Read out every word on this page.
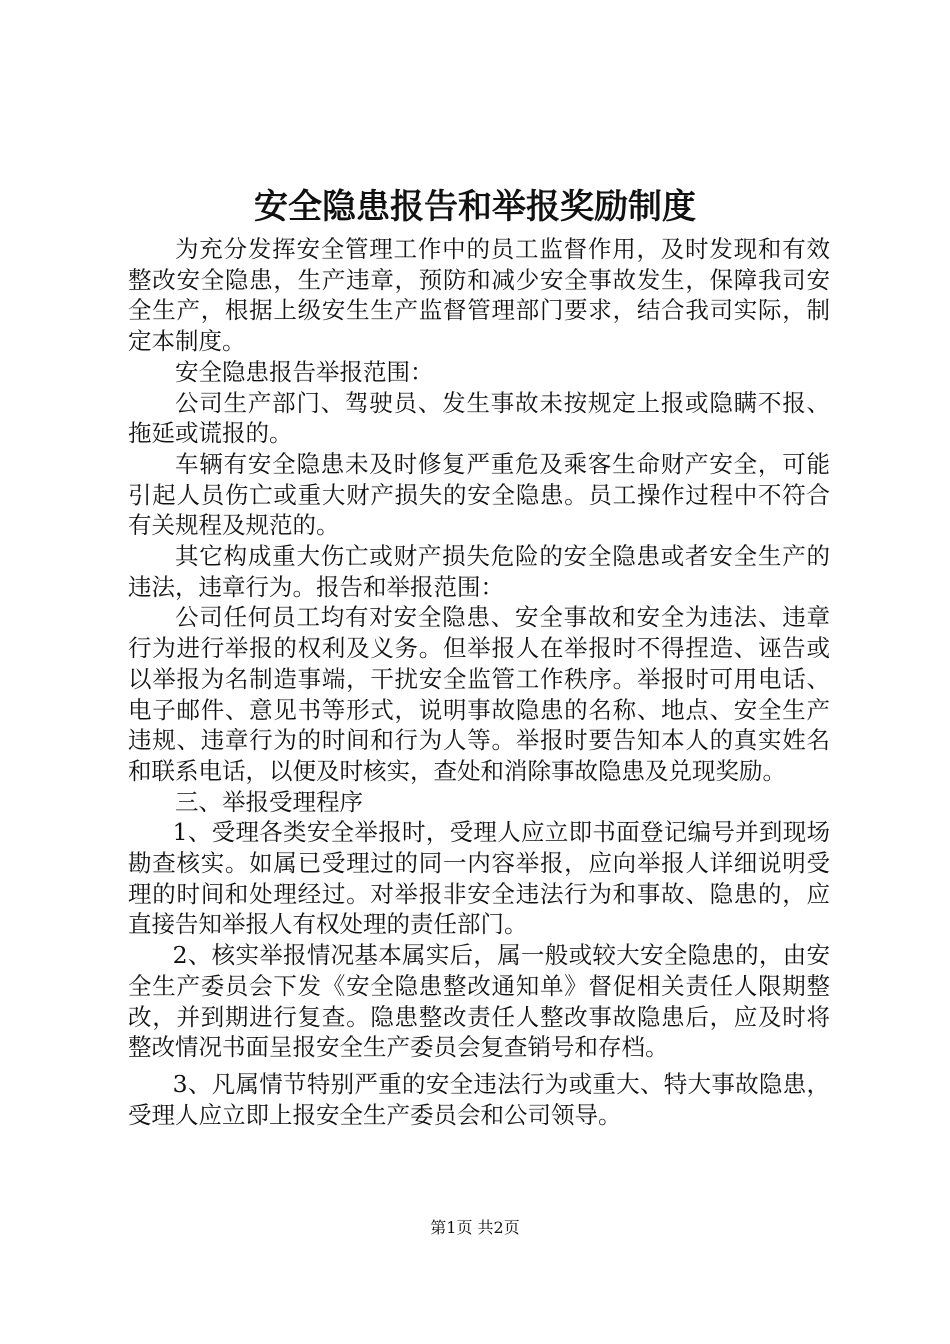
安全隐患报告和举报奖励制度

为充分发挥安全管理工作中的员工监督作用，及时发现和有效整改安全隐患，生产违章，预防和减少安全事故发生，保障我司安全生产，根据上级安生生产监督管理部门要求，结合我司实际，制定本制度。

安全隐患报告举报范围：

公司生产部门、驾驶员、发生事故未按规定上报或隐瞒不报、拖延或谎报的。

车辆有安全隐患未及时修复严重危及乘客生命财产安全，可能引起人员伤亡或重大财产损失的安全隐患。员工操作过程中不符合有关规程及规范的。

其它构成重大伤亡或财产损失危险的安全隐患或者安全生产的违法，违章行为。报告和举报范围：

公司任何员工均有对安全隐患、安全事故和安全为违法、违章行为进行举报的权利及义务。但举报人在举报时不得捏造、诬告或以举报为名制造事端，干扰安全监管工作秩序。举报时可用电话、电子邮件、意见书等形式，说明事故隐患的名称、地点、安全生产违规、违章行为的时间和行为人等。举报时要告知本人的真实姓名和联系电话，以便及时核实，查处和消除事故隐患及兑现奖励。

三、举报受理程序

1、受理各类安全举报时，受理人应立即书面登记编号并到现场勘查核实。如属已受理过的同一内容举报，应向举报人详细说明受理的时间和处理经过。对举报非安全违法行为和事故、隐患的，应直接告知举报人有权处理的责任部门。

2、核实举报情况基本属实后，属一般或较大安全隐患的，由安全生产委员会下发《安全隐患整改通知单》督促相关责任人限期整改，并到期进行复查。隐患整改责任人整改事故隐患后，应及时将整改情况书面呈报安全生产委员会复查销号和存档。

3、凡属情节特别严重的安全违法行为或重大、特大事故隐患，受理人应立即上报安全生产委员会和公司领导。

第1页 共2页
